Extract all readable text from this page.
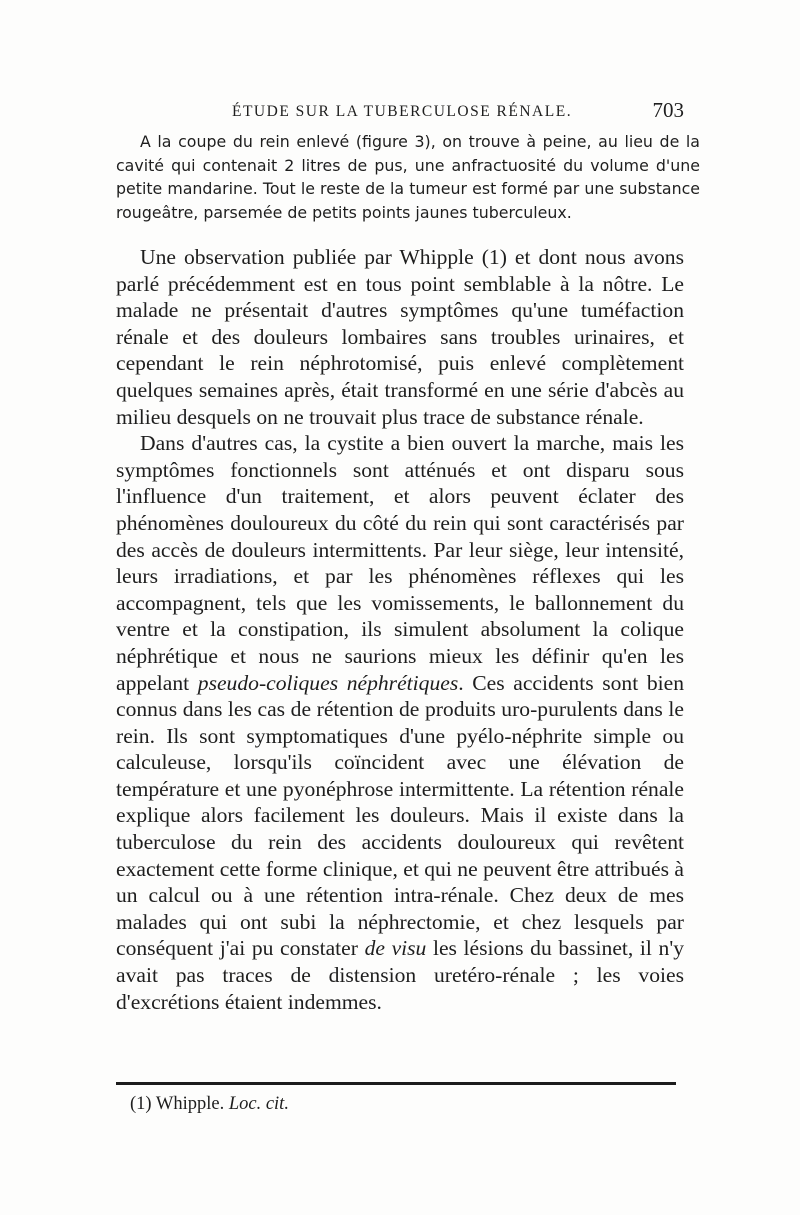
ÉTUDE SUR LA TUBERCULOSE RÉNALE.	703

A la coupe du rein enlevé (figure 3), on trouve à peine, au lieu de la cavité qui contenait 2 litres de pus, une anfractuosité du volume d'une petite mandarine. Tout le reste de la tumeur est formé par une substance rougeâtre, parsemée de petits points jaunes tuberculeux.

Une observation publiée par Whipple (1) et dont nous avons parlé précédemment est en tous point semblable à la nôtre. Le malade ne présentait d'autres symptômes qu'une tuméfaction rénale et des douleurs lombaires sans troubles urinaires, et cependant le rein néphrotomisé, puis enlevé complètement quelques semaines après, était transformé en une série d'abcès au milieu desquels on ne trouvait plus trace de substance rénale.

Dans d'autres cas, la cystite a bien ouvert la marche, mais les symptômes fonctionnels sont atténués et ont disparu sous l'influence d'un traitement, et alors peuvent éclater des phénomènes douloureux du côté du rein qui sont caractérisés par des accès de douleurs intermittents. Par leur siège, leur intensité, leurs irradiations, et par les phénomènes réflexes qui les accompagnent, tels que les vomissements, le ballonnement du ventre et la constipation, ils simulent absolument la colique néphrétique et nous ne saurions mieux les définir qu'en les appelant pseudo-coliques néphrétiques. Ces accidents sont bien connus dans les cas de rétention de produits uro-purulents dans le rein. Ils sont symptomatiques d'une pyélo-néphrite simple ou calculeuse, lorsqu'ils coïncident avec une élévation de température et une pyonéphrose intermittente. La rétention rénale explique alors facilement les douleurs. Mais il existe dans la tuberculose du rein des accidents douloureux qui revêtent exactement cette forme clinique, et qui ne peuvent être attribués à un calcul ou à une rétention intra-rénale. Chez deux de mes malades qui ont subi la néphrectomie, et chez lesquels par conséquent j'ai pu constater de visu les lésions du bassinet, il n'y avait pas traces de distension uretéro-rénale ; les voies d'excrétions étaient indemmes.

(1) Whipple. Loc. cit.
